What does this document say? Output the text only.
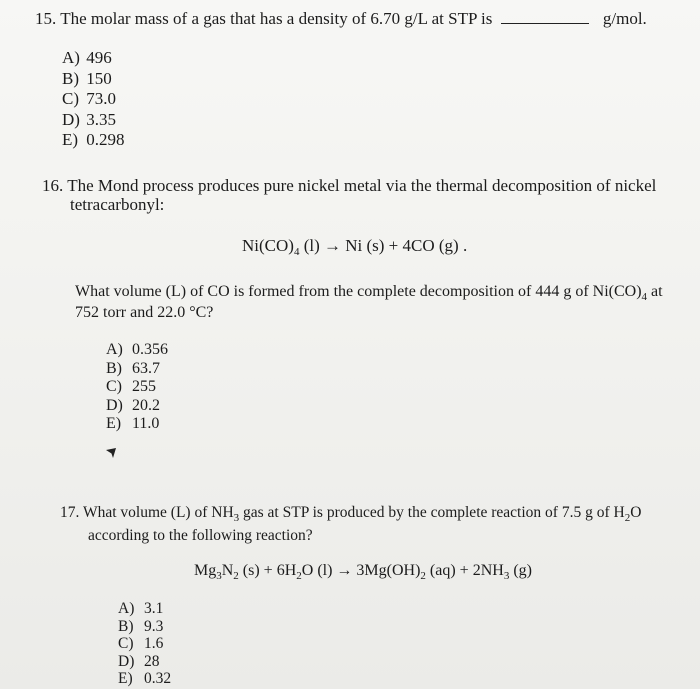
15. The molar mass of a gas that has a density of 6.70 g/L at STP is	g/mol.
A) 496
B) 150
C) 73.0
D) 3.35
E) 0.298
16. The Mond process produces pure nickel metal via the thermal decomposition of nickel
tetracarbonyl:
$Ni(CO)_4$ (l) → Ni (s) + 4CO (g) .
What volume (L) of CO is formed from the complete decomposition of 444 g of $Ni(CO)_4$ at
752 torr and 22.0 °C?
A) 0.356
B) 63.7
C) 255
D) 20.2
E) 11.0
17. What volume (L) of $NH_3$ gas at STP is produced by the complete reaction of 7.5 g of $H_2O$
according to the following reaction?
$Mg_3N_2$ $(s) + 6H_2O$ $(l) \to 3Mg(OH)_2$ $(aq) + 2NH_3$ (g)
A) 3.1
B) 9.3
C) 1.6
D) 28
E) 0.32
